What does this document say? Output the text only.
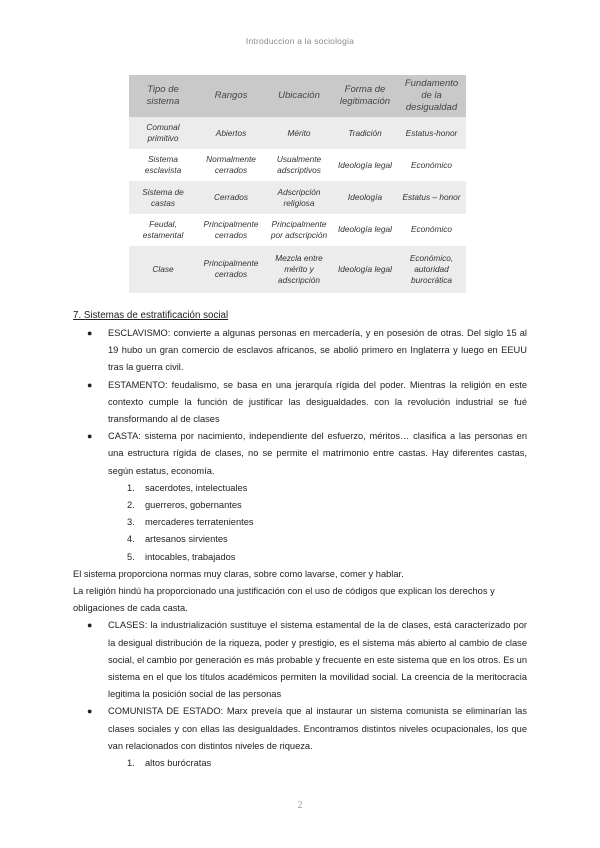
Introduccion a la sociologia
Tipo de sistema	Rangos	Ubicación	Forma de legitimación	Fundamento de la desigualdad
Comunal primitivo	Abiertos	Mérito	Tradición	Estatus-honor
Sistema esclavista	Normalmente cerrados	Usualmente adscriptivos	Ideología legal	Económico
Sistema de castas	Cerrados	Adscripción religiosa	Ideología	Estatus – honor
Feudal, estamental	Principalmente cerrados	Principalmente por adscripción	Ideología legal	Económico
Clase	Principalmente cerrados	Mezcla entre mérito y adscripción	Ideología legal	Económico, autoridad burocrática
7. Sistemas de estratificación social
● ESCLAVISMO: convierte a algunas personas en mercadería, y en posesión de otras. Del siglo 15 al 19 hubo un gran comercio de esclavos africanos, se abolió primero en Inglaterra y luego en EEUU tras la guerra civil.
● ESTAMENTO: feudalismo, se basa en una jerarquía rígida del poder. Mientras la religión en este contexto cumple la función de justificar las desigualdades. con la revolución industrial se fué transformando al de clases
● CASTA: sistema por nacimiento, independiente del esfuerzo, méritos… clasifica a las personas en una estructura rígida de clases, no se permite el matrimonio entre castas. Hay diferentes castas, según estatus, economía.
1. sacerdotes, intelectuales
2. guerreros, gobernantes
3. mercaderes terratenientes
4. artesanos sirvientes
5. intocables, trabajados
El sistema proporciona normas muy claras, sobre como lavarse, comer y hablar.
La religión hindú ha proporcionado una justificación con el uso de códigos que explican los derechos y obligaciones de cada casta.
● CLASES: la industrialización sustituye el sistema estamental de la de clases, está caracterizado por la desigual distribución de la riqueza, poder y prestigio, es el sistema más abierto al cambio de clase social, el cambio por generación es más probable y frecuente en este sistema que en los otros. Es un sistema en el que los títulos académicos permiten la movilidad social. La creencia de la meritocracia legitima la posición social de las personas
● COMUNISTA DE ESTADO: Marx preveía que al instaurar un sistema comunista se eliminarían las clases sociales y con ellas las desigualdades. Encontramos distintos niveles ocupacionales, los que van relacionados con distintos niveles de riqueza.
1. altos burócratas
2
